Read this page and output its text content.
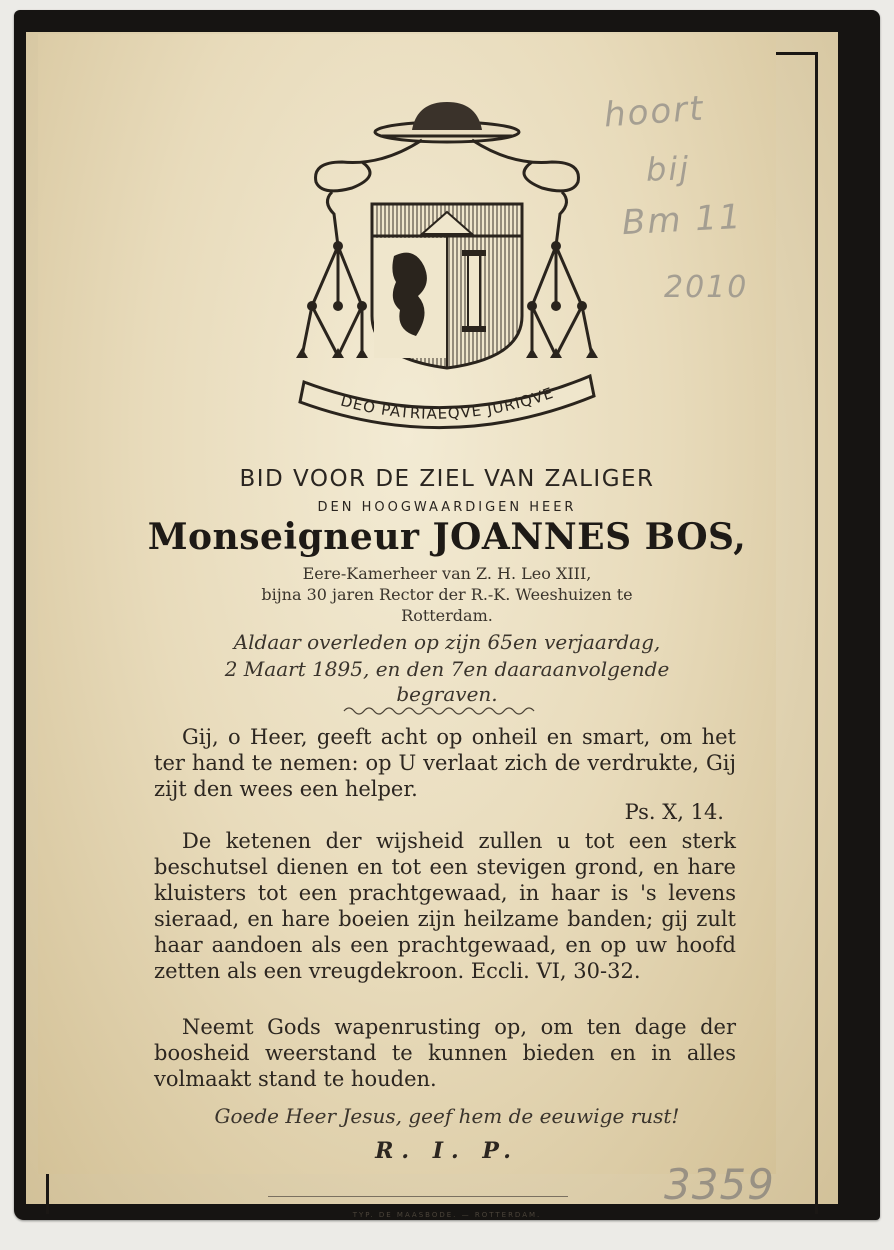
hoort
bij
Bm 11
2010
DEO PATRIAEQVE JURIQVE
BID VOOR DE ZIEL VAN ZALIGER
DEN HOOGWAARDIGEN HEER
Monseigneur JOANNES BOS,
Eere-Kamerheer van Z. H. Leo XIII,
bijna 30 jaren Rector der R.-K. Weeshuizen te
Rotterdam.
Aldaar overleden op zijn 65en verjaardag,
2 Maart 1895, en den 7en daaraanvolgende
begraven.
Gij, o Heer, geeft acht op onheil en smart, om het ter hand te nemen: op U verlaat zich de verdrukte, Gij zijt den wees een helper.
Ps. X, 14.
De ketenen der wijsheid zullen u tot een sterk beschutsel dienen en tot een stevigen grond, en hare kluisters tot een prachtgewaad, in haar is 's levens sieraad, en hare boeien zijn heilzame banden; gij zult haar aandoen als een prachtgewaad, en op uw hoofd zetten als een vreugdekroon. Eccli. VI, 30-32.
Neemt Gods wapenrusting op, om ten dage der boosheid weerstand te kunnen bieden en in alles volmaakt stand te houden.
Goede Heer Jesus, geef hem de eeuwige rust!
R. I. P.
TYP. DE MAASBODE. — ROTTERDAM.
3359
